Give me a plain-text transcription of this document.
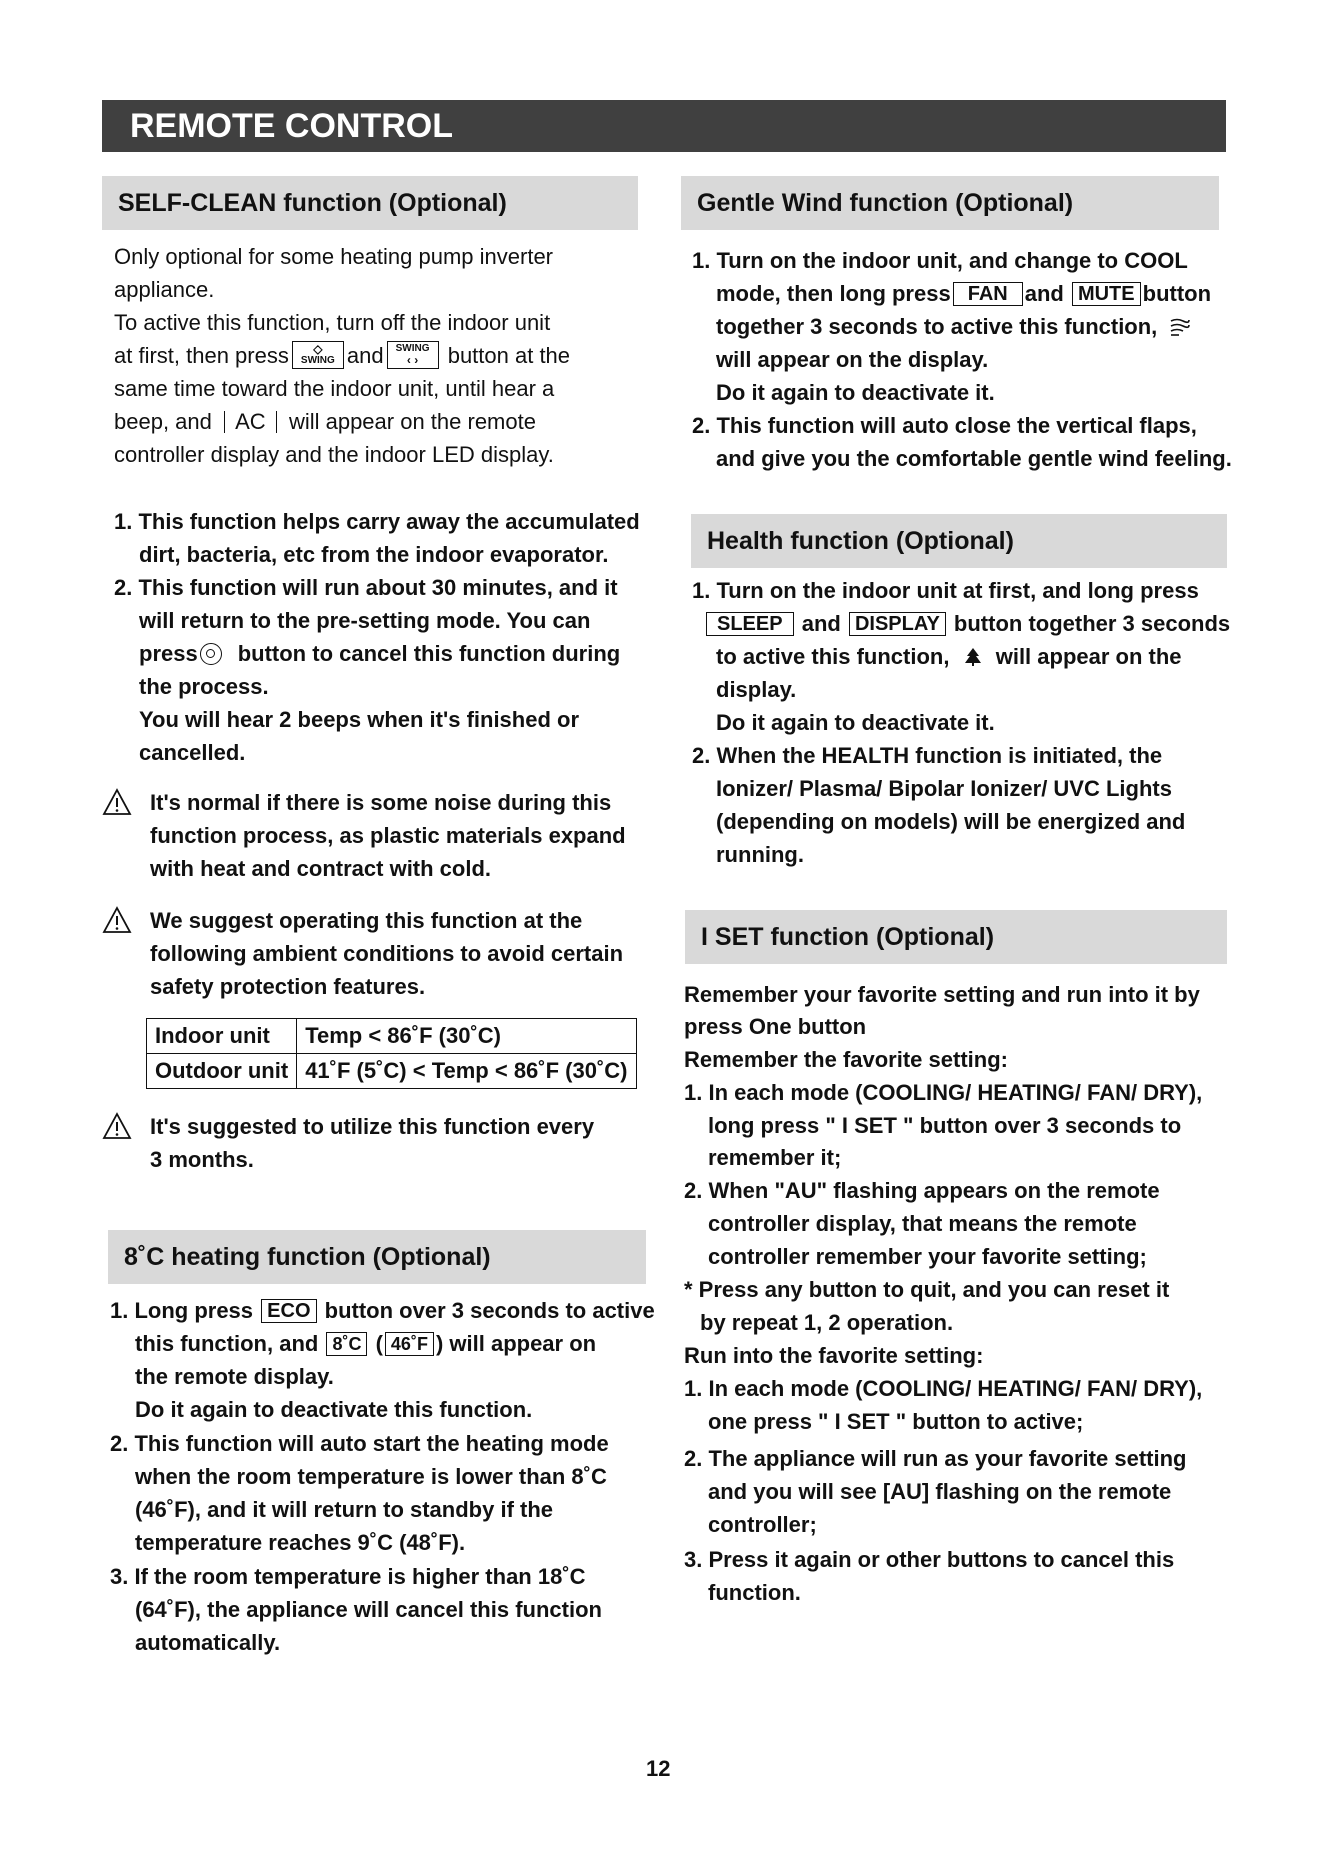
REMOTE CONTROL
SELF-CLEAN function (Optional)
Only optional for some heating pump inverter
appliance.
To active this function, turn off the indoor unit
at first, then press	◇
SWING and	SWING
‹ ›	button at the
same time toward the indoor unit, until hear a
beep, and AC will appear on the remote
controller display and the indoor LED display.
1. This function helps carry away the accumulated
dirt, bacteria, etc from the indoor evaporator.
2. This function will run about 30 minutes, and it
will return to the pre-setting mode. You can
press button to cancel this function during
the process.
You will hear 2 beeps when it's finished or
cancelled.
It's normal if there is some noise during this
function process, as plastic materials expand
with heat and contract with cold.
We suggest operating this function at the
following ambient conditions to avoid certain
safety protection features.
Indoor unit	Temp < 86˚F (30˚C)
Outdoor unit	41˚F (5˚C) < Temp < 86˚F (30˚C)
It's suggested to utilize this function every
3 months.
8˚C heating function (Optional)
1. Long press ECO button over 3 seconds to active
this function, and 8˚C ( 46˚F ) will appear on
the remote display.
Do it again to deactivate this function.
2. This function will auto start the heating mode
when the room temperature is lower than 8˚C
(46˚F), and it will return to standby if the
temperature reaches 9˚C (48˚F).
3. If the room temperature is higher than 18˚C
(64˚F), the appliance will cancel this function
automatically.
Gentle Wind function (Optional)
1. Turn on the indoor unit, and change to COOL
mode, then long press FAN and MUTE button
together 3 seconds to active this function,
will appear on the display.
Do it again to deactivate it.
2. This function will auto close the vertical flaps,
and give you the comfortable gentle wind feeling.
Health function (Optional)
1. Turn on the indoor unit at first, and long press
SLEEP and DISPLAY button together 3 seconds
to active this function, will appear on the
display.
Do it again to deactivate it.
2. When the HEALTH function is initiated, the
Ionizer/ Plasma/ Bipolar Ionizer/ UVC Lights
(depending on models) will be energized and
running.
I SET function (Optional)
Remember your favorite setting and run into it by
press One button
Remember the favorite setting:
1. In each mode (COOLING/ HEATING/ FAN/ DRY),
long press " I SET " button over 3 seconds to
remember it;
2. When "AU" flashing appears on the remote
controller display, that means the remote
controller remember your favorite setting;
* Press any button to quit, and you can reset it
by repeat 1, 2 operation.
Run into the favorite setting:
1. In each mode (COOLING/ HEATING/ FAN/ DRY),
one press " I SET " button to active;
2. The appliance will run as your favorite setting
and you will see [AU] flashing on the remote
controller;
3. Press it again or other buttons to cancel this
function.
12
